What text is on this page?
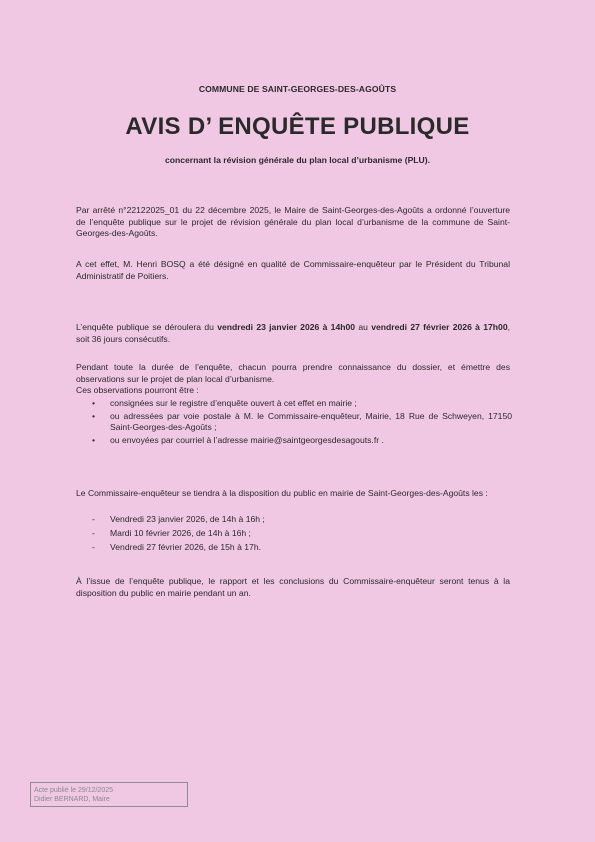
COMMUNE DE SAINT-GEORGES-DES-AGOÛTS
AVIS D’ ENQUÊTE PUBLIQUE
concernant la révision générale du plan local d’urbanisme (PLU).
Par arrêté n°22122025_01 du 22 décembre 2025, le Maire de Saint-Georges-des-Agoûts a ordonné l’ouverture de l’enquête publique sur le projet de révision générale du plan local d’urbanisme de la commune de Saint-Georges-des-Agoûts.
A cet effet, M. Henri BOSQ a été désigné en qualité de Commissaire-enquêteur par le Président du Tribunal Administratif de Poitiers.
L’enquête publique se déroulera du vendredi 23 janvier 2026 à 14h00 au vendredi 27 février 2026 à 17h00, soit 36 jours consécutifs.
Pendant toute la durée de l’enquête, chacun pourra prendre connaissance du dossier, et émettre des observations sur le projet de plan local d’urbanisme.
Ces observations pourront être :
• consignées sur le registre d’enquête ouvert à cet effet en mairie ;
• ou adressées par voie postale à M. le Commissaire-enquêteur, Mairie, 18 Rue de Schweyen, 17150 Saint-Georges-des-Agoûts ;
• ou envoyées par courriel à l’adresse mairie@saintgeorgesdesagouts.fr .
Le Commissaire-enquêteur se tiendra à la disposition du public en mairie de Saint-Georges-des-Agoûts les :
- Vendredi 23 janvier 2026, de 14h à 16h ;
- Mardi 10 février 2026, de 14h à 16h ;
- Vendredi 27 février 2026, de 15h à 17h.
À l’issue de l’enquête publique, le rapport et les conclusions du Commissaire-enquêteur seront tenus à la disposition du public en mairie pendant un an.
Acte publié le 29/12/2025
Didier BERNARD, Maire
